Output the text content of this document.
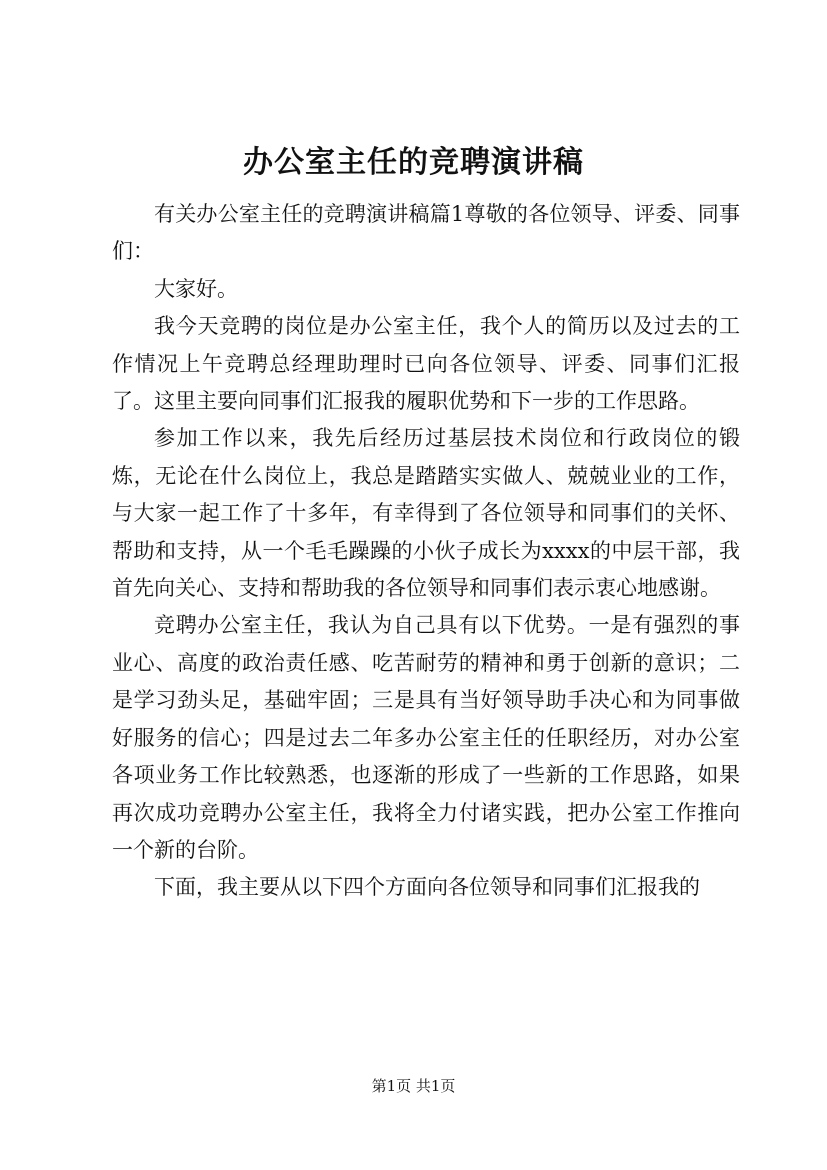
办公室主任的竞聘演讲稿

有关办公室主任的竞聘演讲稿篇1尊敬的各位领导、评委、同事们：

大家好。

我今天竞聘的岗位是办公室主任，我个人的简历以及过去的工作情况上午竞聘总经理助理时已向各位领导、评委、同事们汇报了。这里主要向同事们汇报我的履职优势和下一步的工作思路。

参加工作以来，我先后经历过基层技术岗位和行政岗位的锻炼，无论在什么岗位上，我总是踏踏实实做人、兢兢业业的工作，与大家一起工作了十多年，有幸得到了各位领导和同事们的关怀、帮助和支持，从一个毛毛躁躁的小伙子成长为xxxx的中层干部，我首先向关心、支持和帮助我的各位领导和同事们表示衷心地感谢。

竞聘办公室主任，我认为自己具有以下优势。一是有强烈的事业心、高度的政治责任感、吃苦耐劳的精神和勇于创新的意识；二是学习劲头足，基础牢固；三是具有当好领导助手决心和为同事做好服务的信心；四是过去二年多办公室主任的任职经历，对办公室各项业务工作比较熟悉，也逐渐的形成了一些新的工作思路，如果再次成功竞聘办公室主任，我将全力付诸实践，把办公室工作推向一个新的台阶。

下面，我主要从以下四个方面向各位领导和同事们汇报我的

第1页 共1页
